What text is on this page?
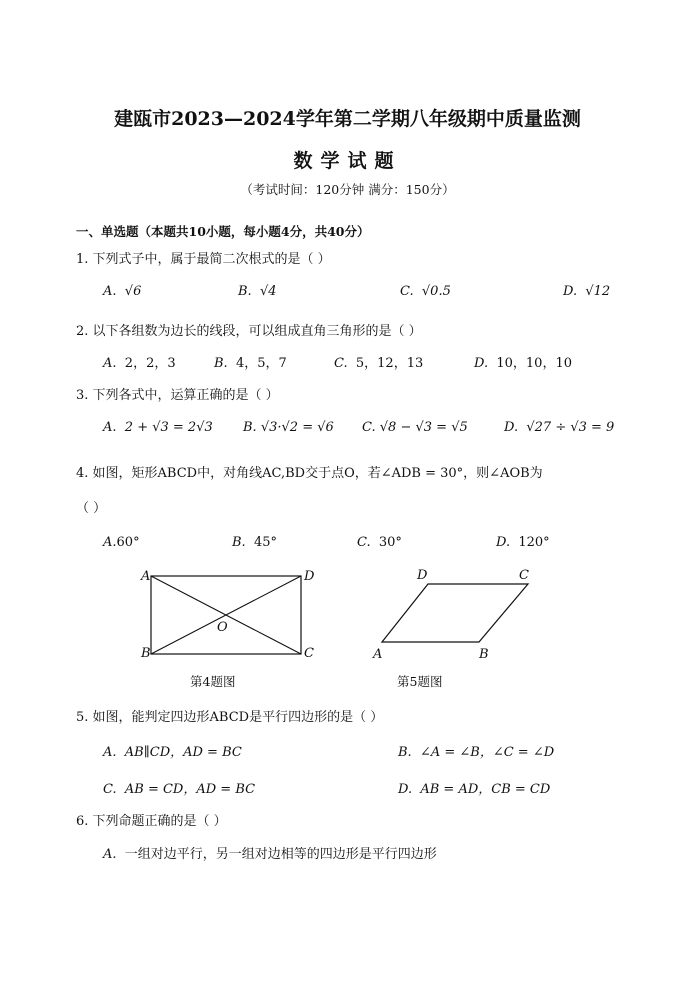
建瓯市2023—2024学年第二学期八年级期中质量监测
数学试题
（考试时间：120分钟 满分：150分）
一、单选题（本题共10小题，每小题4分，共40分）
1. 下列式子中，属于最简二次根式的是（ ）
A. √6	B. √4	C. √0.5	D. √12
2. 以下各组数为边长的线段，可以组成直角三角形的是（ ）
A. 2，2，3	B. 4，5，7	C. 5，12，13	D. 10，10，10
3. 下列各式中，运算正确的是（ ）
A. 2 + √3 = 2√3 B. √3·√2 = √6 C. √8 − √3 = √5	D. √27 ÷ √3 = 9
4. 如图，矩形ABCD中，对角线AC,BD交于点O，若∠ADB = 30°，则∠AOB为
（ ）
A.60°	B. 45°	C. 30°	D. 120°
A	D
B	C
O
A	B
C
D
第4题图	第5题图
5. 如图，能判定四边形ABCD是平行四边形的是（ ）
A. AB∥CD，AD = BC	B. ∠A = ∠B，∠C = ∠D
C. AB = CD，AD = BC	D. AB = AD，CB = CD
6. 下列命题正确的是（ ）
A. 一组对边平行，另一组对边相等的四边形是平行四边形
